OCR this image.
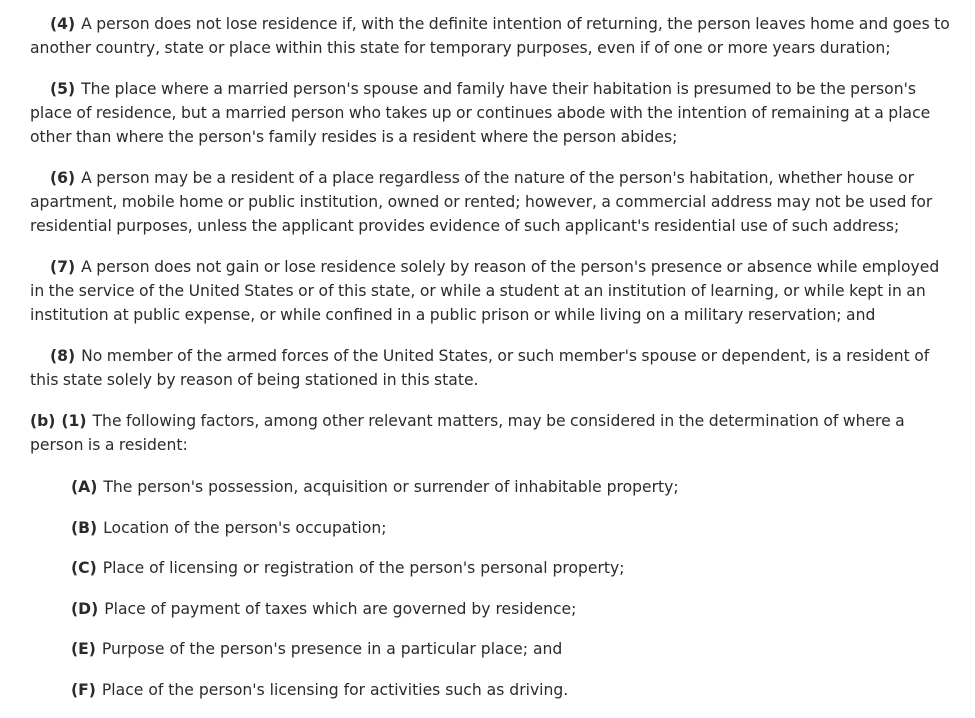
(4) A person does not lose residence if, with the definite intention of returning, the person leaves home and goes to another country, state or place within this state for temporary purposes, even if of one or more years duration;

(5) The place where a married person's spouse and family have their habitation is presumed to be the person's place of residence, but a married person who takes up or continues abode with the intention of remaining at a place other than where the person's family resides is a resident where the person abides;

(6) A person may be a resident of a place regardless of the nature of the person's habitation, whether house or apartment, mobile home or public institution, owned or rented; however, a commercial address may not be used for residential purposes, unless the applicant provides evidence of such applicant's residential use of such address;

(7) A person does not gain or lose residence solely by reason of the person's presence or absence while employed in the service of the United States or of this state, or while a student at an institution of learning, or while kept in an institution at public expense, or while confined in a public prison or while living on a military reservation; and

(8) No member of the armed forces of the United States, or such member's spouse or dependent, is a resident of this state solely by reason of being stationed in this state.

(b) (1) The following factors, among other relevant matters, may be considered in the determination of where a person is a resident:

(A) The person's possession, acquisition or surrender of inhabitable property;
(B) Location of the person's occupation;
(C) Place of licensing or registration of the person's personal property;
(D) Place of payment of taxes which are governed by residence;
(E) Purpose of the person's presence in a particular place; and
(F) Place of the person's licensing for activities such as driving.
